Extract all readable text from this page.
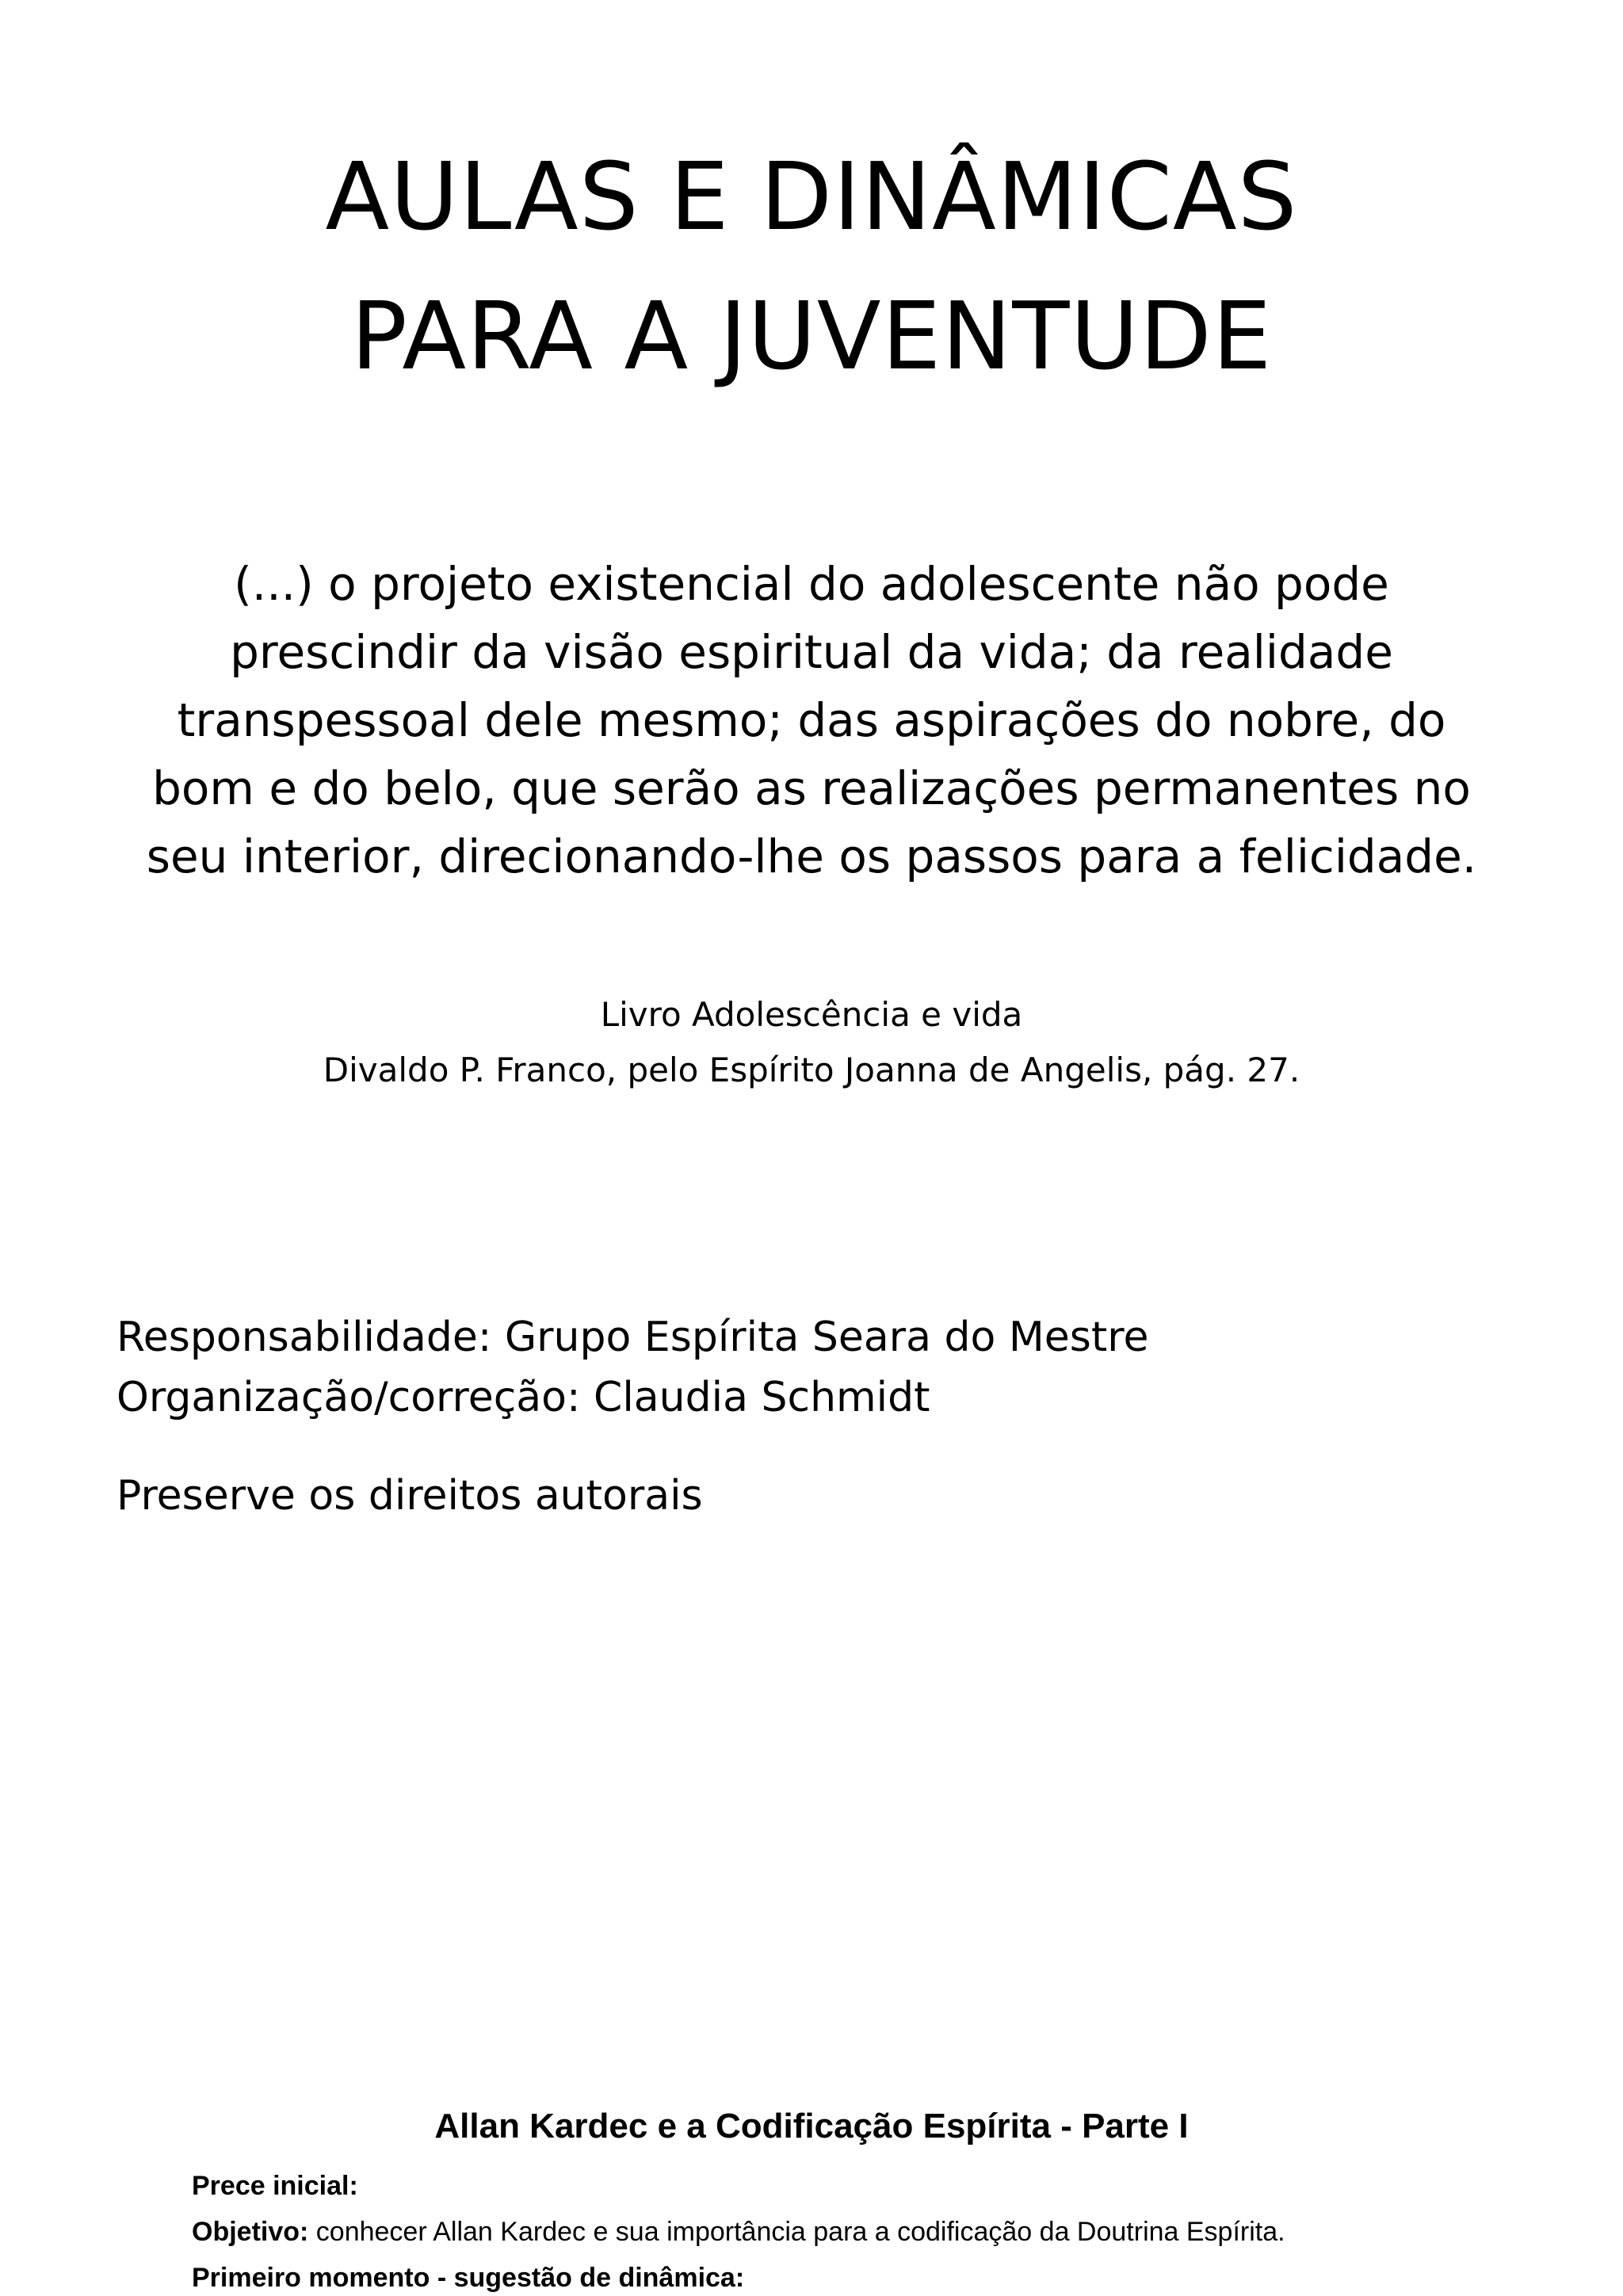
AULAS E DINÂMICAS
PARA A JUVENTUDE
(...) o projeto existencial do adolescente não pode
prescindir da visão espiritual da vida; da realidade
transpessoal dele mesmo; das aspirações do nobre, do
bom e do belo, que serão as realizações permanentes no
seu interior, direcionando-lhe os passos para a felicidade.
Livro Adolescência e vida
Divaldo P. Franco, pelo Espírito Joanna de Angelis, pág. 27.
Responsabilidade: Grupo Espírita Seara do Mestre
Organização/correção: Claudia Schmidt
Preserve os direitos autorais
Allan Kardec e a Codificação Espírita - Parte I
Prece inicial:
Objetivo: conhecer Allan Kardec e sua importância para a codificação da Doutrina Espírita.
Primeiro momento - sugestão de dinâmica:
